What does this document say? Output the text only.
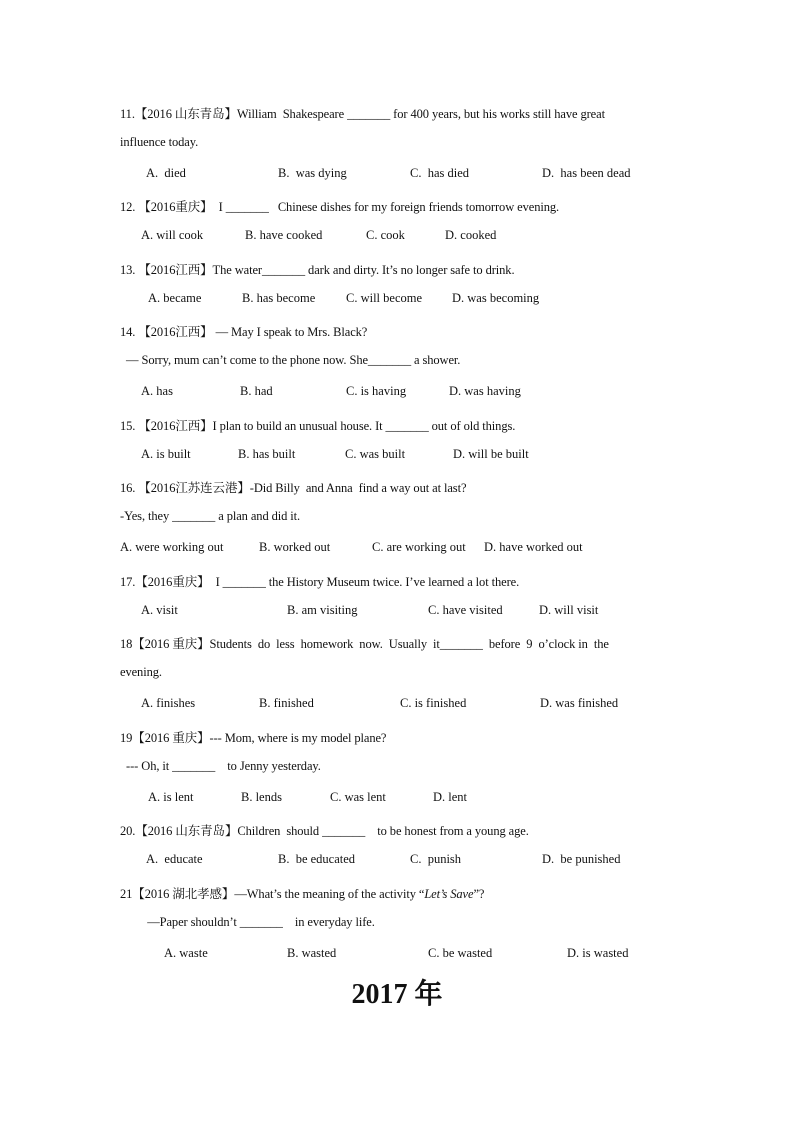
11.【2016 山东青岛】William  Shakespeare _______ for 400 years, but his works still have great
influence today.
A.  died	B.  was dying	C.  has died	D.  has been dead
12. 【2016重庆】  I _______   Chinese dishes for my foreign friends tomorrow evening.
A. will cook	B. have cooked	C. cook	D. cooked
13. 【2016江西】The water_______ dark and dirty. It’s no longer safe to drink.
A. became	B. has become C. will become D. was becoming
14. 【2016江西】 — May I speak to Mrs. Black?
— Sorry, mum can’t come to the phone now. She_______ a shower.
A. has	B. had	C. is having	D. was having
15. 【2016江西】I plan to build an unusual house. It _______ out of old things.
A. is built	B. has built	C. was built	D. will be built
16. 【2016江苏连云港】-Did Billy  and Anna  find a way out at last?
-Yes, they _______ a plan and did it.
A. were working out	B. worked out	C. are working out D. have worked out
17.【2016重庆】  I _______ the History Museum twice. I’ve learned a lot there.
A. visit	B. am visiting	C. have visited	D. will visit
18【2016 重庆】Students  do  less  homework  now.  Usually  it_______  before  9  o’clock in  the
evening.
A. finishes	B. finished	C. is finished	D. was finished
19【2016 重庆】--- Mom, where is my model plane?
--- Oh, it _______    to Jenny yesterday.
A. is lent	B. lends	C. was lent	D. lent
20.【2016 山东青岛】Children  should _______    to be honest from a young age.
A.  educate	B.  be educated	C.  punish	D.  be punished
21【2016 湖北孝感】—What’s the meaning of the activity “Let’s Save”?
—Paper shouldn’t _______    in everyday life.
A. waste	B. wasted	C. be wasted	D. is wasted
2017 年
